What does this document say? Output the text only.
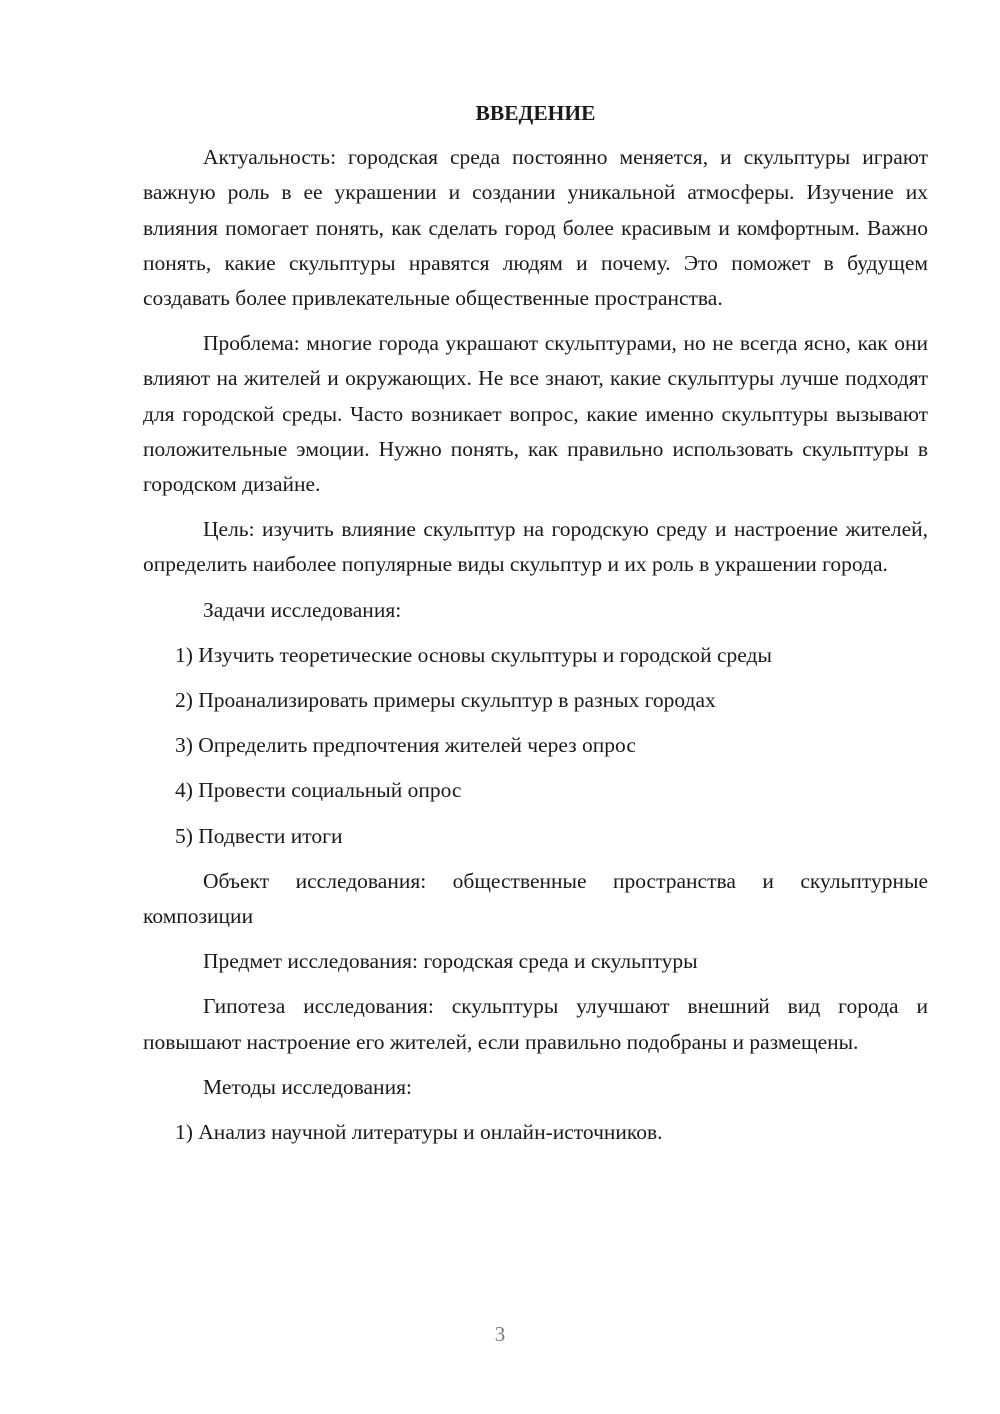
ВВЕДЕНИЕ

Актуальность: городская среда постоянно меняется, и скульптуры играют важную роль в ее украшении и создании уникальной атмосферы. Изучение их влияния помогает понять, как сделать город более красивым и комфортным. Важно понять, какие скульптуры нравятся людям и почему. Это поможет в будущем создавать более привлекательные общественные пространства.

Проблема: многие города украшают скульптурами, но не всегда ясно, как они влияют на жителей и окружающих. Не все знают, какие скульптуры лучше подходят для городской среды. Часто возникает вопрос, какие именно скульптуры вызывают положительные эмоции. Нужно понять, как правильно использовать скульптуры в городском дизайне.

Цель: изучить влияние скульптур на городскую среду и настроение жителей, определить наиболее популярные виды скульптур и их роль в украшении города.

Задачи исследования:

1) Изучить теоретические основы скульптуры и городской среды

2) Проанализировать примеры скульптур в разных городах

3) Определить предпочтения жителей через опрос

4) Провести социальный опрос

5) Подвести итоги

Объект исследования: общественные пространства и скульптурные композиции

Предмет исследования: городская среда и скульптуры

Гипотеза исследования: скульптуры улучшают внешний вид города и повышают настроение его жителей, если правильно подобраны и размещены.

Методы исследования:

1) Анализ научной литературы и онлайн-источников.

3
